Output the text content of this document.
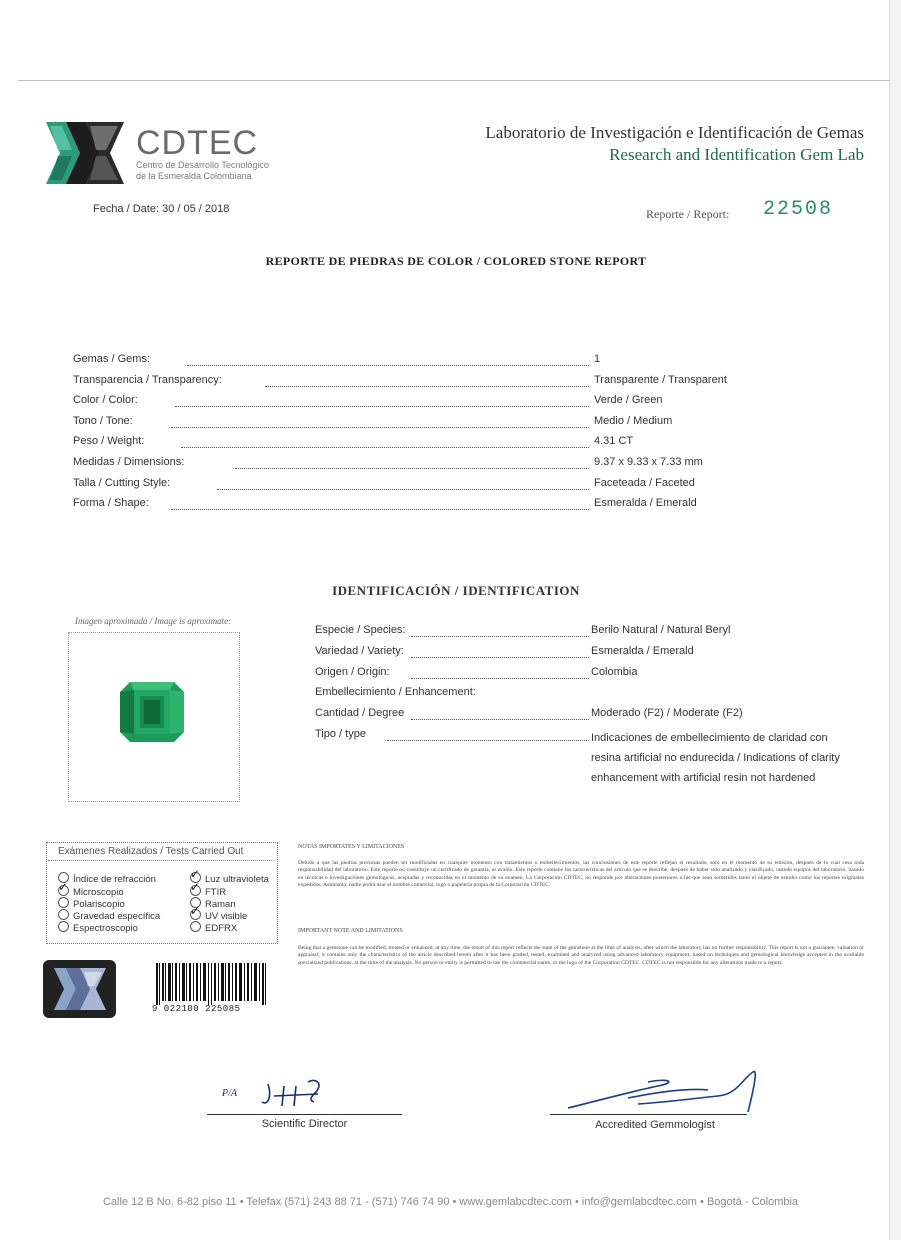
CDTEC
Centro de Desarrollo Tecnológico
de la Esmeralda Colombiana
Laboratorio de Investigación e Identificación de Gemas
Research and Identification Gem Lab
Fecha / Date: 30 / 05 / 2018	Reporte / Report: 22508
REPORTE DE PIEDRAS DE COLOR / COLORED STONE REPORT
Gemas / Gems:	1
Transparencia / Transparency:	Transparente / Transparent
Color / Color:	Verde / Green
Tono / Tone:	Medio / Medium
Peso / Weight:	4.31 CT
Medidas / Dimensions:	9.37 x 9.33 x 7.33 mm
Talla / Cutting Style:	Faceteada / Faceted
Forma / Shape:	Esmeralda / Emerald
IDENTIFICACIÓN / IDENTIFICATION
Imagen aproximada / Image is aproximate:
Especie / Species:	Berilo Natural / Natural Beryl
Variedad / Variety:	Esmeralda / Emerald
Origen / Origin:	Colombia
Embellecimiento / Enhancement:
Cantidad / Degree	Moderado (F2) / Moderate (F2)
Tipo / type	Indicaciones de embellecimiento de claridad con resina artificial no endurecida / Indications of clarity enhancement with artificial resin not hardened
Exámenes Realizados / Tests Carried Out
Índice de refracción
✓Microscopio
Polariscopio
Gravedad específica
Espectroscopio
✓Luz ultravioleta
✓FTIR
Raman
✓UV visible
EDFRX
NOTAS IMPORTATES Y LIMITACIONES
Debido a que las piedras preciosas pueden ser modificadas en cualquier momento con tratamientos o embellecimientos, las conclusiones de este reporte reflejan el resultado, solo en el momento de su emisión, después de lo cual cesa toda responsabilidad del laboratorio. Este reporte no constituye un certificado de garantía, ni avalúo. Este reporte contiene las características del artículo que se describe, después de haber sido analizado y clasificado, usando equipos del laboratorio, basado en técnicas e investigaciones gemológicas, aceptadas y reconocidas en el momento de su examen. La Corporación CDTEC, no responde por alteraciones posteriores a las que sean sometidos tanto el objeto de estudio como los reportes originales expedidos. Asimismo, nadie podrá usar el nombre comercial, logo o papelería propia de la Corporación CDTEC.
IMPORTANT NOTE AND LIMITATIONS
Being that a gemstone can be modified, treated or enhanced, at any time, the result of this report reflects the state of the gemstone at the time of analysis, after which the laboratory has no further responsibility. This report is not a guarantee, valuation or appraisal; it contains only the characteristics of the article described herein after it has been graded, tested, examined and analyzed using advanced laboratory equipment, based on techniques and gemological knowledge accepted in the available specialized publications, at the time of the analysis. No person or entity is permitted to use the commercial name, or the logo of the Corporation CDTEC. CDTEC is not responsible for any alterations made to a report.
9 022100 225085
P/A
Scientific Director	Accredited Gemmologist
Calle 12 B No. 6-82 piso 11 • Telefax (571) 243 88 71 - (571) 746 74 90 • www.gemlabcdtec.com • info@gemlabcdtec.com • Bogotá - Colombia
